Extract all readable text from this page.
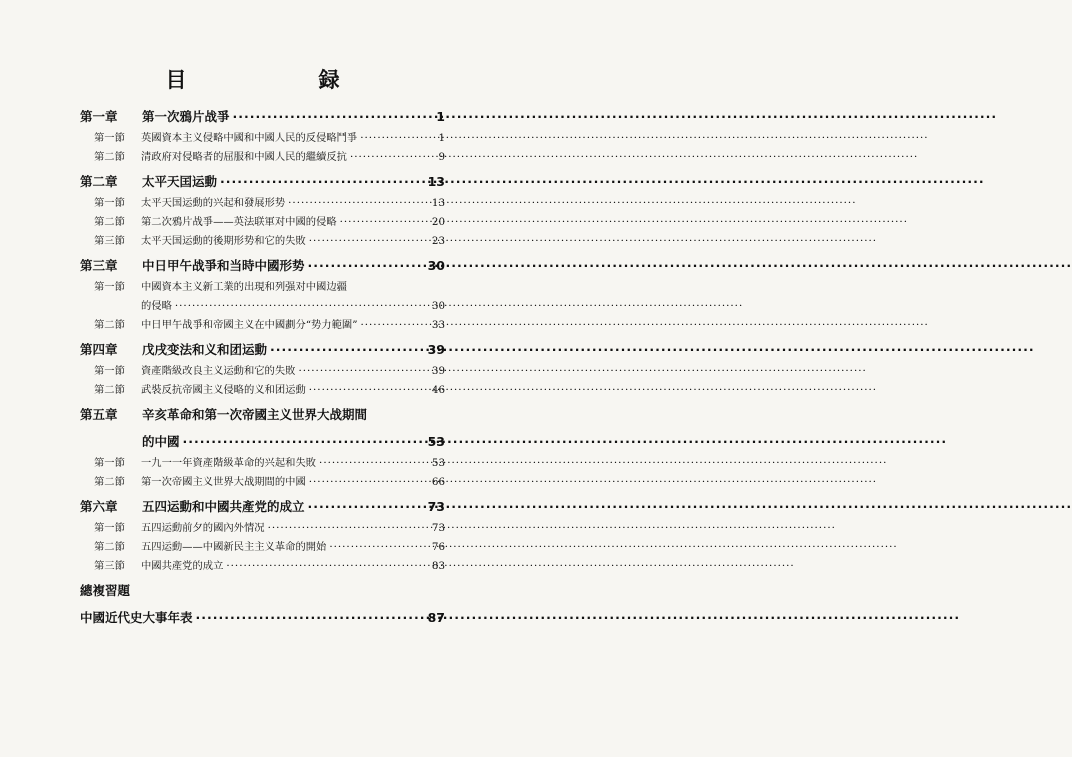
目　　録
第一章	第一次鴉片战爭 ·····	1
第一節	英國資本主义侵略中國和中國人民的反侵略鬥爭 ·····	1
第二節	清政府对侵略者的屈服和中國人民的繼續反抗 ·····	9
第二章	太平天囯运動 ·····	13
第一節	太平天国运動的兴起和發展形势 ·····	13
第二節	第二次鴉片战爭——英法联軍对中國的侵略 ·····	20
第三節	太平天国运動的後期形势和它的失敗 ·····	23
第三章	中日甲午战爭和当時中國形势 ·····	30
第一節	中國資本主义新工業的出現和列强对中國边疆
的侵略 ·····	30
第二節	中日甲午战爭和帝國主义在中國劃分“势力範圍” ·····	33
第四章	戊戌变法和义和团运動 ·····	39
第一節	資產階級改良主义运動和它的失敗 ·····	39
第二節	武裝反抗帝國主义侵略的义和团运動 ·····	46
第五章	辛亥革命和第一次帝國主义世界大战期間
的中國 ·····	53
第一節	一九一一年資產階級革命的兴起和失敗 ·····	53
第二節	第一次帝國主义世界大战期間的中國 ·····	66
第六章	五四运動和中國共產党的成立 ·····	73
第一節	五四运動前夕的國內外情况 ·····	73
第二節	五四运動——中國新民主主义革命的開始 ·····	76
第三節	中國共產党的成立 ·····	83
總複習題
中國近代史大事年表 ·····	87
